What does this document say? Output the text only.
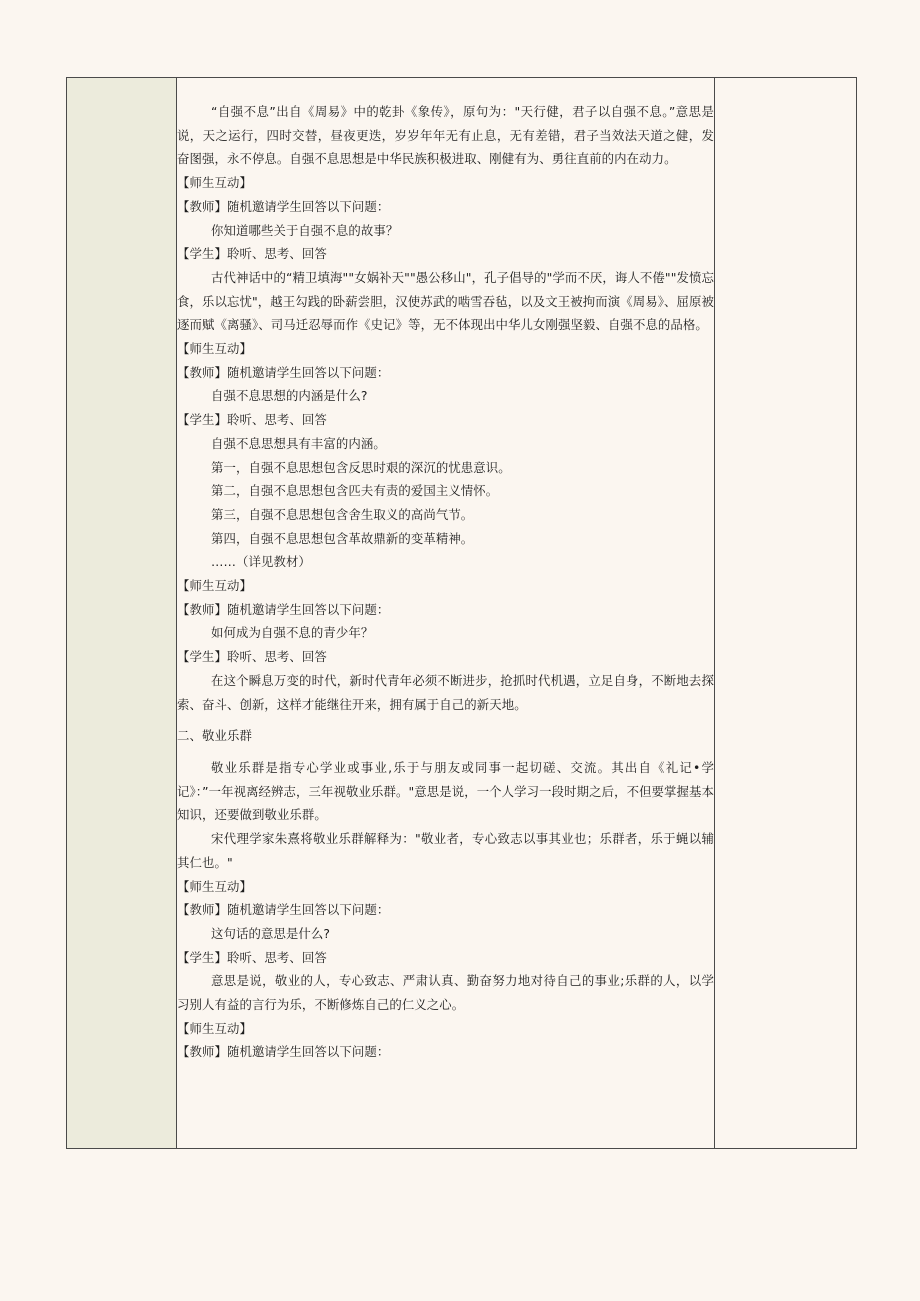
“自强不息”出自《周易》中的乾卦《象传》，原句为："天行健，君子以自强不息。”意思是说，天之运行，四时交替，昼夜更迭，岁岁年年无有止息，无有差错，君子当效法天道之健，发奋图强，永不停息。自强不息思想是中华民族积极进取、刚健有为、勇往直前的内在动力。

【师生互动】

【教师】随机邀请学生回答以下问题：

你知道哪些关于自强不息的故事？

【学生】聆听、思考、回答

古代神话中的“精卫填海""女娲补天""愚公移山"，孔子倡导的"学而不厌，诲人不倦""发愤忘食，乐以忘忧"，越王勾践的卧薪尝胆，汉使苏武的啮雪吞毡，以及文王被拘而演《周易》、屈原被逐而赋《离骚》、司马迁忍辱而作《史记》等，无不体现出中华儿女刚强坚毅、自强不息的品格。

【师生互动】

【教师】随机邀请学生回答以下问题：

自强不息思想的内涵是什么?

【学生】聆听、思考、回答

自强不息思想具有丰富的内涵。

第一，自强不息思想包含反思时艰的深沉的忧患意识。

第二，自强不息思想包含匹夫有责的爱国主义情怀。

第三，自强不息思想包含舍生取义的高尚气节。

第四，自强不息思想包含革故鼎新的变革精神。

……（详见教材）

【师生互动】

【教师】随机邀请学生回答以下问题：

如何成为自强不息的青少年？

【学生】聆听、思考、回答

在这个瞬息万变的时代，新时代青年必须不断进步，抢抓时代机遇，立足自身，不断地去探索、奋斗、创新，这样才能继往开来，拥有属于自己的新天地。

二、敬业乐群

敬业乐群是指专心学业或事业,乐于与朋友或同事一起切磋、交流。其出自《礼记•学记》：”一年视离经辨志，三年视敬业乐群。"意思是说，一个人学习一段时期之后，不但要掌握基本知识，还要做到敬业乐群。

宋代理学家朱熹将敬业乐群解释为："敬业者，专心致志以事其业也；乐群者，乐于蝇以辅其仁也。"

【师生互动】

【教师】随机邀请学生回答以下问题：

这句话的意思是什么?

【学生】聆听、思考、回答

意思是说，敬业的人，专心致志、严肃认真、勤奋努力地对待自己的事业;乐群的人，以学习别人有益的言行为乐，不断修炼自己的仁义之心。

【师生互动】

【教师】随机邀请学生回答以下问题：
